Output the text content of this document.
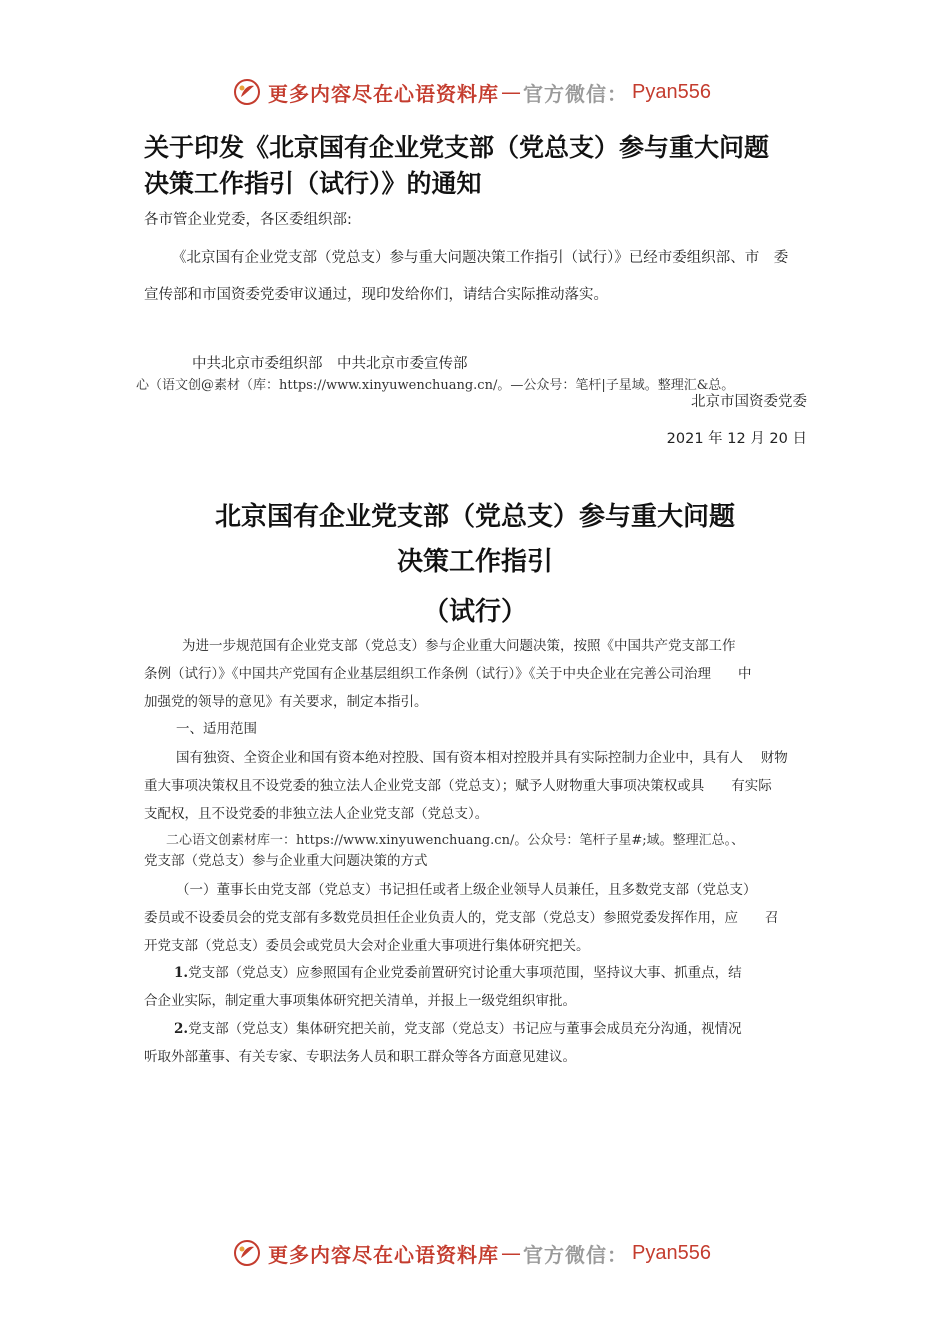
更多内容尽在心语资料库 — 官方微信： Pyan556
关于印发《北京国有企业党支部（党总支）参与重大问题
决策工作指引（试行）》的通知
各市管企业党委，各区委组织部:
《北京国有企业党支部（党总支）参与重大问题决策工作指引（试行）》已经市委组织部、市　委
宣传部和市国资委党委审议通过，现印发给你们，请结合实际推动落实。
中共北京市委组织部　中共北京市委宣传部
心（语文创@素材（库：https://www.xinyuwenchuang.cn/。—公众号：笔杆|子星域。整理汇&总。
北京市国资委党委
2021 年 12 月 20 日
北京国有企业党支部（党总支）参与重大问题
决策工作指引
（试行）
为进一步规范国有企业党支部（党总支）参与企业重大问题决策，按照《中国共产党支部工作
条例（试行）》《中国共产党国有企业基层组织工作条例（试行）》《关于中央企业在完善公司治理　　中
加强党的领导的意见》有关要求，制定本指引。
一、适用范围
国有独资、全资企业和国有资本绝对控股、国有资本相对控股并具有实际控制力企业中，具有人　 财物
重大事项决策权且不设党委的独立法人企业党支部（党总支）；赋予人财物重大事项决策权或具　　有实际
支配权，且不设党委的非独立法人企业党支部（党总支）。
二心语文创素材库一：https://www.xinyuwenchuang.cn/。公众号：笔杆子星#;域。整理汇总。、
党支部（党总支）参与企业重大问题决策的方式
（一）董事长由党支部（党总支）书记担任或者上级企业领导人员兼任，且多数党支部（党总支）
委员或不设委员会的党支部有多数党员担任企业负责人的，党支部（党总支）参照党委发挥作用，应　　召
开党支部（党总支）委员会或党员大会对企业重大事项进行集体研究把关。
1.党支部（党总支）应参照国有企业党委前置研究讨论重大事项范围，坚持议大事、抓重点，结
合企业实际，制定重大事项集体研究把关清单，并报上一级党组织审批。
2.党支部（党总支）集体研究把关前，党支部（党总支）书记应与董事会成员充分沟通，视情况
听取外部董事、有关专家、专职法务人员和职工群众等各方面意见建议。
更多内容尽在心语资料库 — 官方微信： Pyan556
